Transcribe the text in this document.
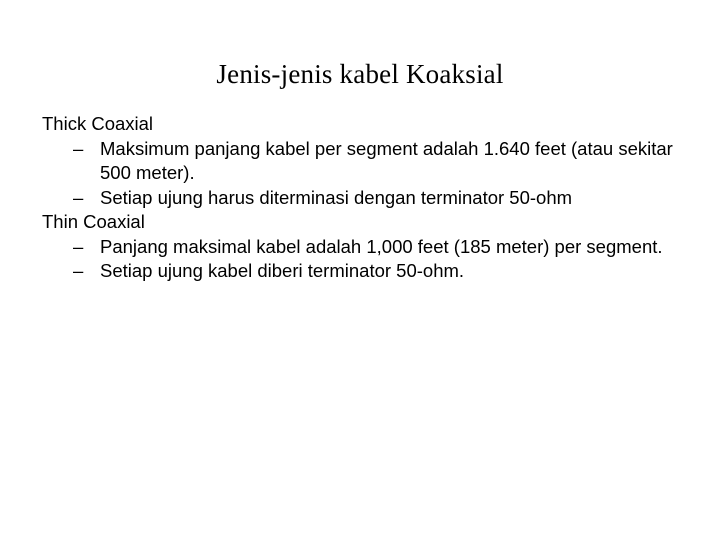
Jenis-jenis kabel Koaksial
Thick Coaxial
– Maksimum panjang kabel per segment adalah 1.640 feet (atau sekitar 500 meter).
– Setiap ujung harus diterminasi dengan terminator 50-ohm
Thin Coaxial
– Panjang maksimal kabel adalah 1,000 feet (185 meter) per segment.
– Setiap ujung kabel diberi terminator 50-ohm.
